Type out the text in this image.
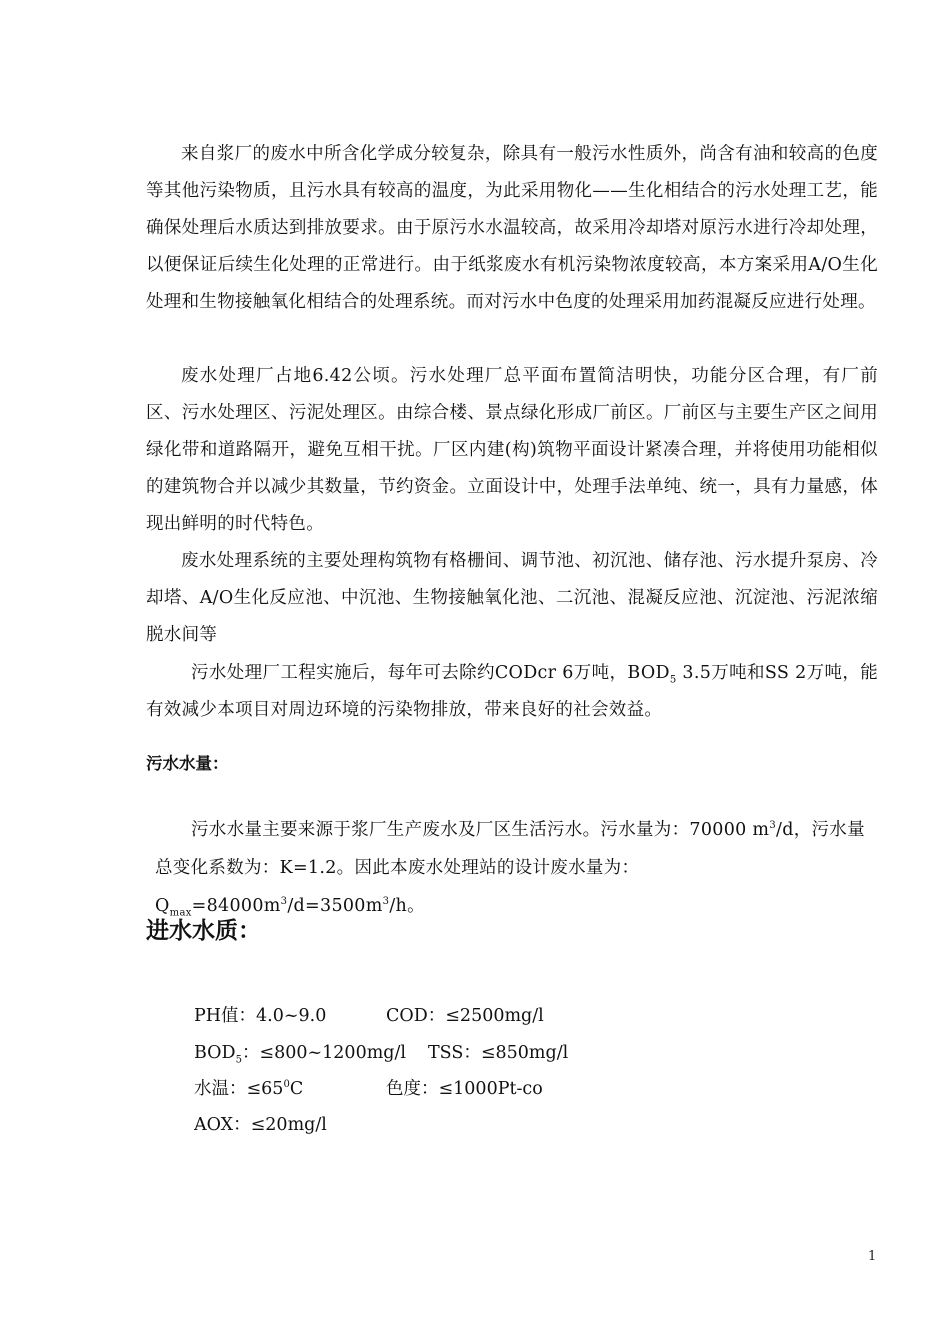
来自浆厂的废水中所含化学成分较复杂，除具有一般污水性质外，尚含有油和较高的色度等其他污染物质，且污水具有较高的温度，为此采用物化——生化相结合的污水处理工艺，能确保处理后水质达到排放要求。由于原污水水温较高，故采用冷却塔对原污水进行冷却处理，以便保证后续生化处理的正常进行。由于纸浆废水有机污染物浓度较高，本方案采用A/O生化处理和生物接触氧化相结合的处理系统。而对污水中色度的处理采用加药混凝反应进行处理。

废水处理厂占地6.42公顷。污水处理厂总平面布置简洁明快，功能分区合理，有厂前区、污水处理区、污泥处理区。由综合楼、景点绿化形成厂前区。厂前区与主要生产区之间用绿化带和道路隔开，避免互相干扰。厂区内建(构)筑物平面设计紧凑合理，并将使用功能相似的建筑物合并以减少其数量，节约资金。立面设计中，处理手法单纯、统一，具有力量感，体现出鲜明的时代特色。

废水处理系统的主要处理构筑物有格栅间、调节池、初沉池、储存池、污水提升泵房、冷却塔、A/O生化反应池、中沉池、生物接触氧化池、二沉池、混凝反应池、沉淀池、污泥浓缩脱水间等

污水处理厂工程实施后，每年可去除约CODcr 6万吨，$BOD_5$ 3.5万吨和SS 2万吨，能有效减少本项目对周边环境的污染物排放，带来良好的社会效益。

污水水量：

污水水量主要来源于浆厂生产废水及厂区生活污水。污水量为：70000 $m^3/d$，污水量
总变化系数为：K=1.2。因此本废水处理站的设计废水量为：$Q_{max}=84000m^3/d=3500m^3/h$。

进水水质：
PH值：4.0~9.0	COD：≤2500mg/l
$BOD_5$：≤800~1200mg/l TSS：≤850mg/l
水温：$\le 65^0C$	色度：≤1000Pt-co
AOX：≤20mg/l
1
